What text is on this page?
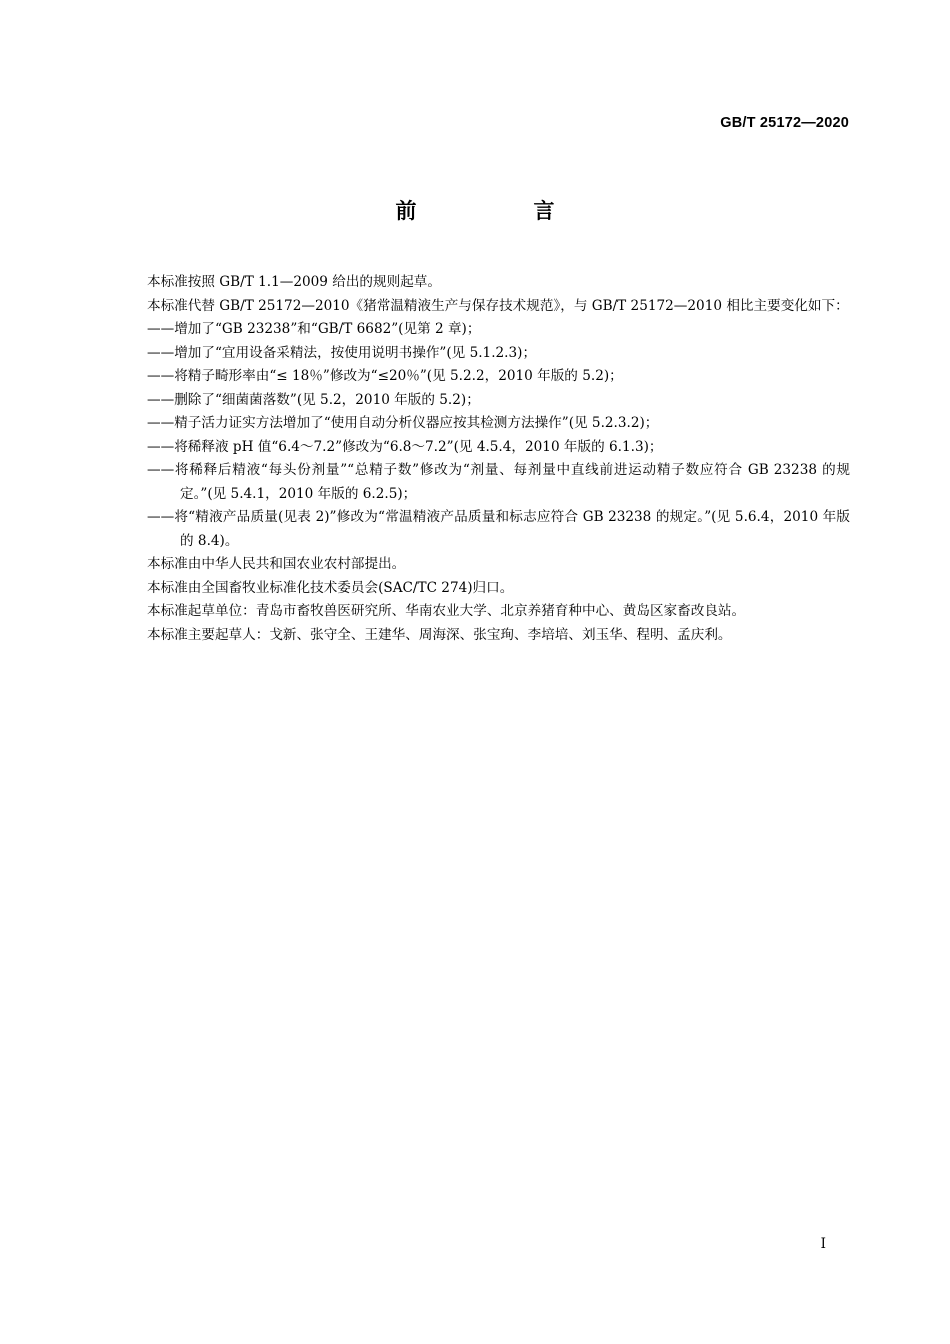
GB/T 25172—2020
前　言

本标准按照 GB/T 1.1—2009 给出的规则起草。

本标准代替 GB/T 25172—2010《猪常温精液生产与保存技术规范》，与 GB/T 25172—2010 相比主要变化如下：

——增加了“GB 23238”和“GB/T 6682”(见第 2 章)；

——增加了“宜用设备采精法，按使用说明书操作”(见 5.1.2.3)；

——将精子畸形率由“≤ 18％”修改为“≤20％”(见 5.2.2，2010 年版的 5.2)；

——删除了“细菌菌落数”(见 5.2，2010 年版的 5.2)；

——精子活力证实方法增加了“使用自动分析仪器应按其检测方法操作”(见 5.2.3.2)；

——将稀释液 pH 值“6.4～7.2”修改为“6.8～7.2”(见 4.5.4，2010 年版的 6.1.3)；

——将稀释后精液“每头份剂量”“总精子数”修改为“剂量、每剂量中直线前进运动精子数应符合 GB 23238 的规定。”(见 5.4.1，2010 年版的 6.2.5)；

——将“精液产品质量(见表 2)”修改为“常温精液产品质量和标志应符合 GB 23238 的规定。”(见 5.6.4，2010 年版的 8.4)。

本标准由中华人民共和国农业农村部提出。

本标准由全国畜牧业标准化技术委员会(SAC/TC 274)归口。

本标准起草单位：青岛市畜牧兽医研究所、华南农业大学、北京养猪育种中心、黄岛区家畜改良站。

本标准主要起草人：戈新、张守全、王建华、周海深、张宝珣、李培培、刘玉华、程明、孟庆利。

I
